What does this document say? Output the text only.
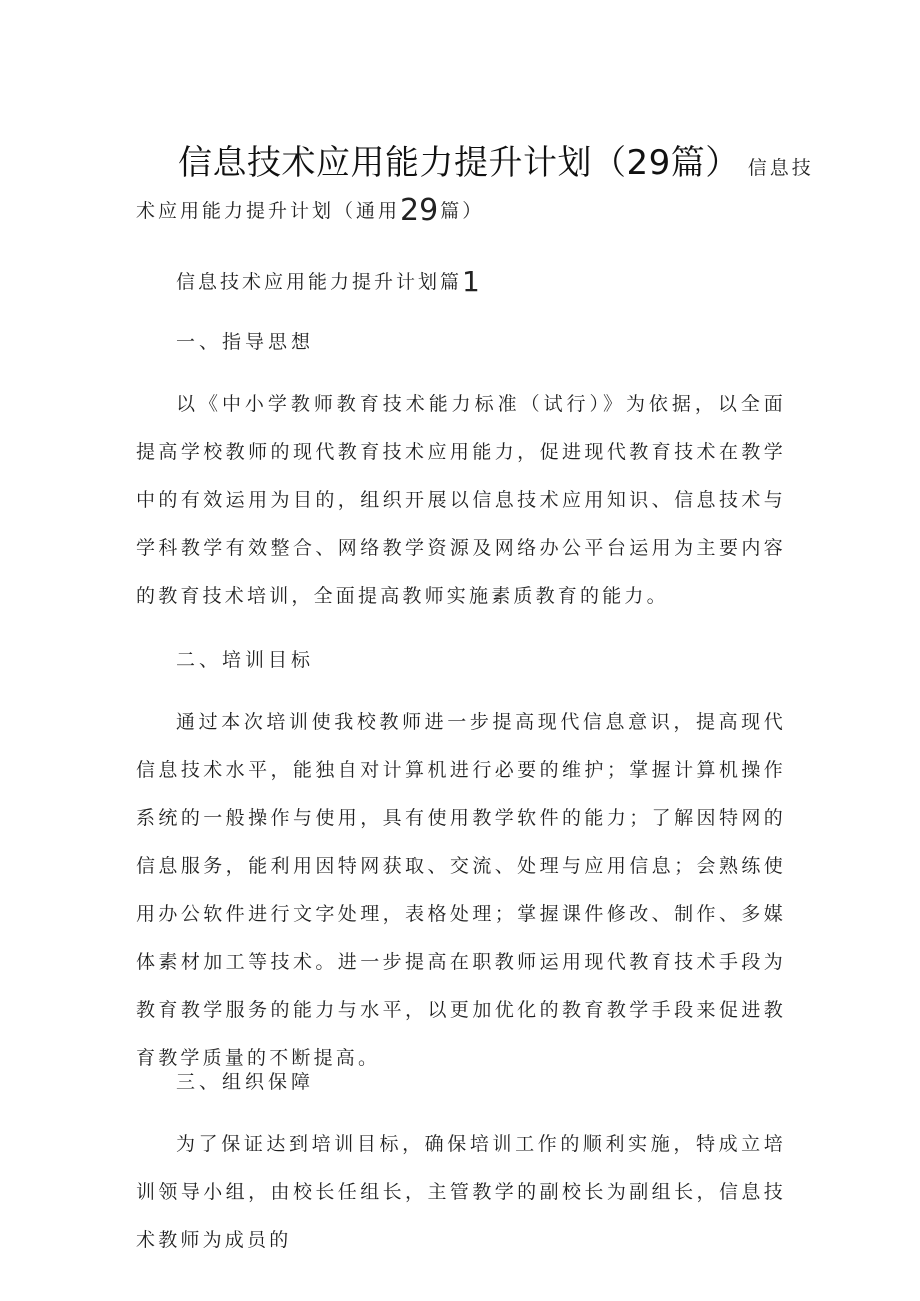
信息技术应用能力提升计划（29篇） 信息技
术应用能力提升计划（通用29 篇）
信息技术应用能力提升计划篇1
一、指导思想

以《中小学教师教育技术能力标准（试行）》为依据，以全面提高学校教师的现代教育技术应用能力，促进现代教育技术在教学中的有效运用为目的，组织开展以信息技术应用知识、信息技术与学科教学有效整合、网络教学资源及网络办公平台运用为主要内容的教育技术培训，全面提高教师实施素质教育的能力。

二、培训目标

通过本次培训使我校教师进一步提高现代信息意识，提高现代信息技术水平，能独自对计算机进行必要的维护；掌握计算机操作系统的一般操作与使用，具有使用教学软件的能力；了解因特网的信息服务，能利用因特网获取、交流、处理与应用信息；会熟练使用办公软件进行文字处理，表格处理；掌握课件修改、制作、多媒体素材加工等技术。进一步提高在职教师运用现代教育技术手段为教育教学服务的能力与水平，以更加优化的教育教学手段来促进教育教学质量的不断提高。

三、组织保障

为了保证达到培训目标，确保培训工作的顺利实施，特成立培训领导小组，由校长任组长，主管教学的副校长为副组长，信息技术教师为成员的
